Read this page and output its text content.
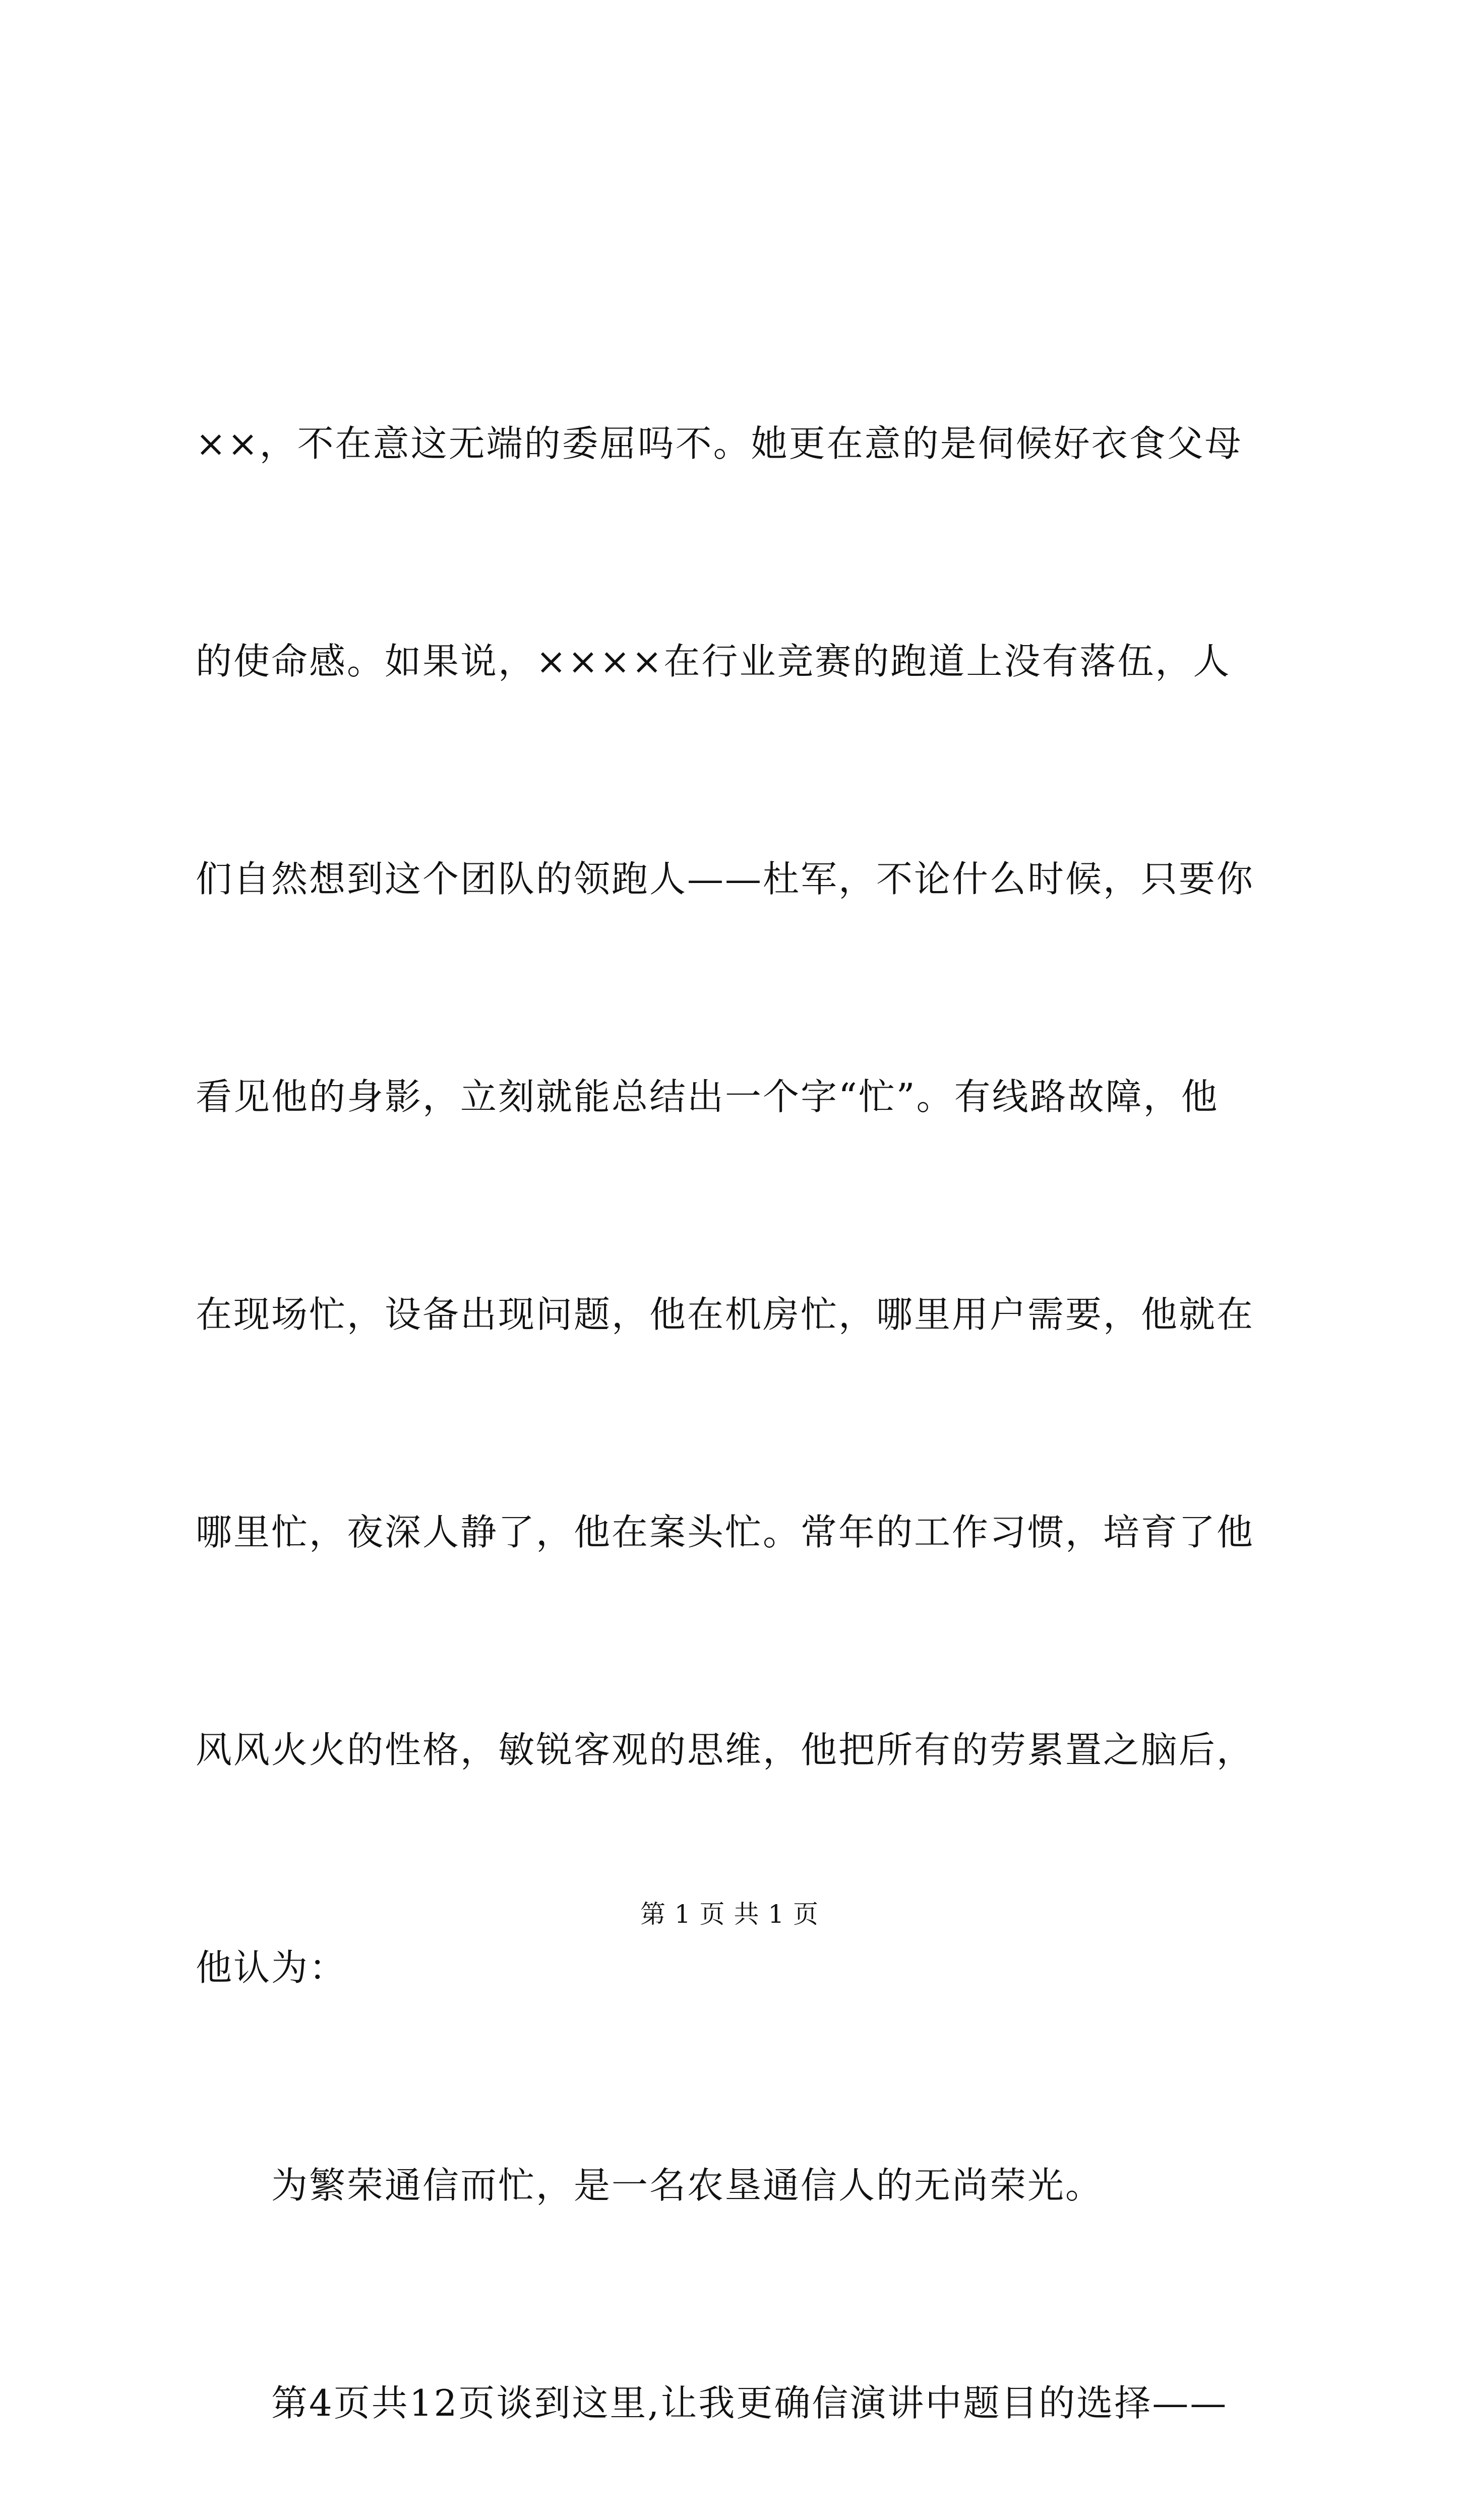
××，不在意这无端的委屈吗不。她更在意的是伺候好衣食父母

的使命感。如果说，××××在行业竞赛的跑道上没有落伍，人

们自然想到这个团队的领跑人——杜军，不论什么时候，只要你

看见他的身影，立刻就能总结出一个字“忙”。有线路故障，他

在现场忙，设备出现问题，他在机房忙，哪里用户需要，他就在

哪里忙，夜深人静了，他在案头忙。常年的工作习惯，培育了他

风风火火的性格，敏锐客观的思维，他把所有的劳累置之脑后，

他认为：

　　为繁荣通信而忙，是一名农垦通信人的无尚荣光。

　　第4页共12页谈到这里,让我更确信演讲中题目的选择——

第 1 页 共 1 页
